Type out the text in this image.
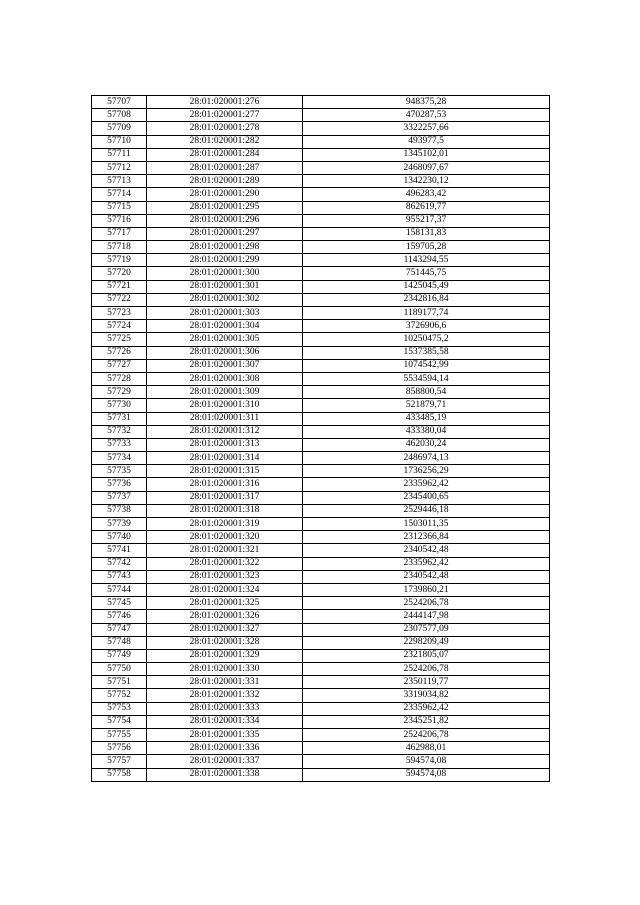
57707	28:01:020001:276	948375,28
57708	28:01:020001:277	470287,53
57709	28:01:020001:278	3322257,66
57710	28:01:020001:282	493977,5
57711	28:01:020001:284	1345102,01
57712	28:01:020001:287	2468097,67
57713	28:01:020001:289	1342230,12
57714	28:01:020001:290	496283,42
57715	28:01:020001:295	862619,77
57716	28:01:020001:296	955217,37
57717	28:01:020001:297	158131,83
57718	28:01:020001:298	159705,28
57719	28:01:020001:299	1143294,55
57720	28:01:020001:300	751445,75
57721	28:01:020001:301	1425045,49
57722	28:01:020001:302	2342816,84
57723	28:01:020001:303	1189177,74
57724	28:01:020001:304	3726906,6
57725	28:01:020001:305	10250475,2
57726	28:01:020001:306	1537385,58
57727	28:01:020001:307	1074542,99
57728	28:01:020001:308	5534594,14
57729	28:01:020001:309	858800,54
57730	28:01:020001:310	521879,71
57731	28:01:020001:311	433485,19
57732	28:01:020001:312	433380,04
57733	28:01:020001:313	462030,24
57734	28:01:020001:314	2486974,13
57735	28:01:020001:315	1736256,29
57736	28:01:020001:316	2335962,42
57737	28:01:020001:317	2345400,65
57738	28:01:020001:318	2529446,18
57739	28:01:020001:319	1503011,35
57740	28:01:020001:320	2312366,84
57741	28:01:020001:321	2340542,48
57742	28:01:020001:322	2335962,42
57743	28:01:020001:323	2340542,48
57744	28:01:020001:324	1739860,21
57745	28:01:020001:325	2524206,78
57746	28:01:020001:326	2444147,98
57747	28:01:020001:327	2307577,09
57748	28:01:020001:328	2298209,49
57749	28:01:020001:329	2321805,07
57750	28:01:020001:330	2524206,78
57751	28:01:020001:331	2350119,77
57752	28:01:020001:332	3319034,82
57753	28:01:020001:333	2335962,42
57754	28:01:020001:334	2345251,82
57755	28:01:020001:335	2524206,78
57756	28:01:020001:336	462988,01
57757	28:01:020001:337	594574,08
57758	28:01:020001:338	594574,08
